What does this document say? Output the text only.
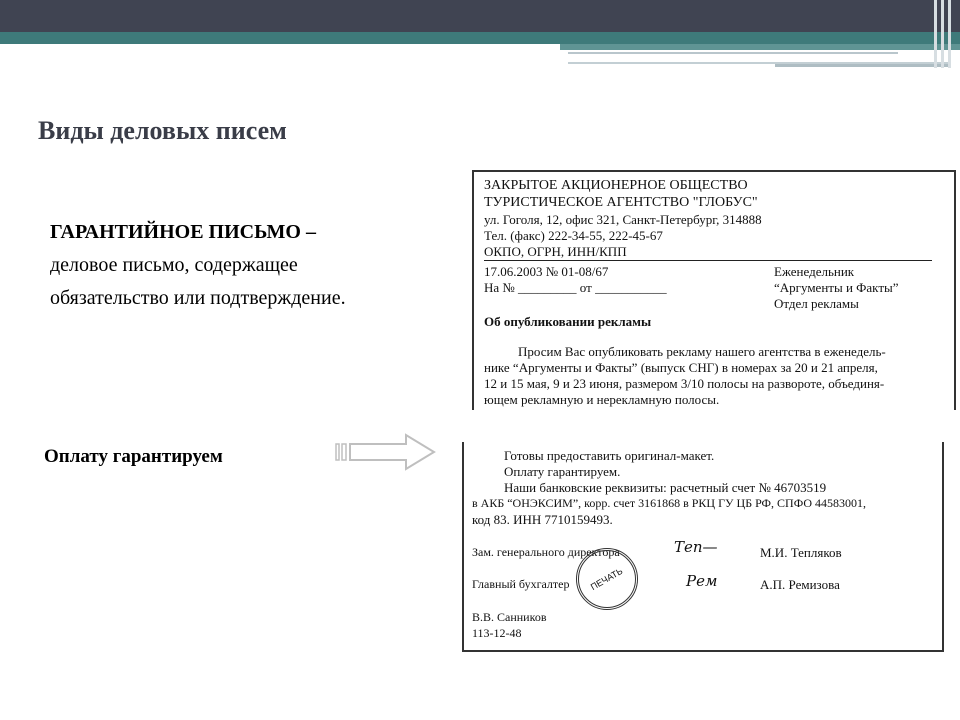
Виды деловых писем
ГАРАНТИЙНОЕ ПИСЬМО –
деловое письмо, содержащее
обязательство или подтверждение.
Оплату гарантируем
ЗАКРЫТОЕ АКЦИОНЕРНОЕ ОБЩЕСТВО
ТУРИСТИЧЕСКОЕ АГЕНТСТВО "ГЛОБУС"
ул. Гоголя, 12, офис 321, Санкт-Петербург, 314888
Тел. (факс) 222-34-55, 222-45-67
ОКПО, ОГРН, ИНН/КПП
17.06.2003 № 01-08/67
На № _________ от ___________
Еженедельник
“Аргументы и Факты”
Отдел рекламы
Об опубликовании рекламы
Просим Вас опубликовать рекламу нашего агентства в еженедель-
нике “Аргументы и Факты” (выпуск СНГ) в номерах за 20 и 21 апреля,
12 и 15 мая, 9 и 23 июня, размером 3/10 полосы на развороте, объединя-
ющем рекламную и нерекламную полосы.
Готовы предоставить оригинал-макет.
Оплату гарантируем.
Наши банковские реквизиты: расчетный счет № 46703519
в АКБ “ОНЭКСИМ”, корр. счет 3161868 в РКЦ ГУ ЦБ РФ, СПФО 44583001,
код 83. ИНН 7710159493.
Зам. генерального директора	Теп—	М.И. Тепляков
Главный бухгалтер	Рем	А.П. Ремизова
ПЕЧАТЬ
В.В. Санников
113-12-48
